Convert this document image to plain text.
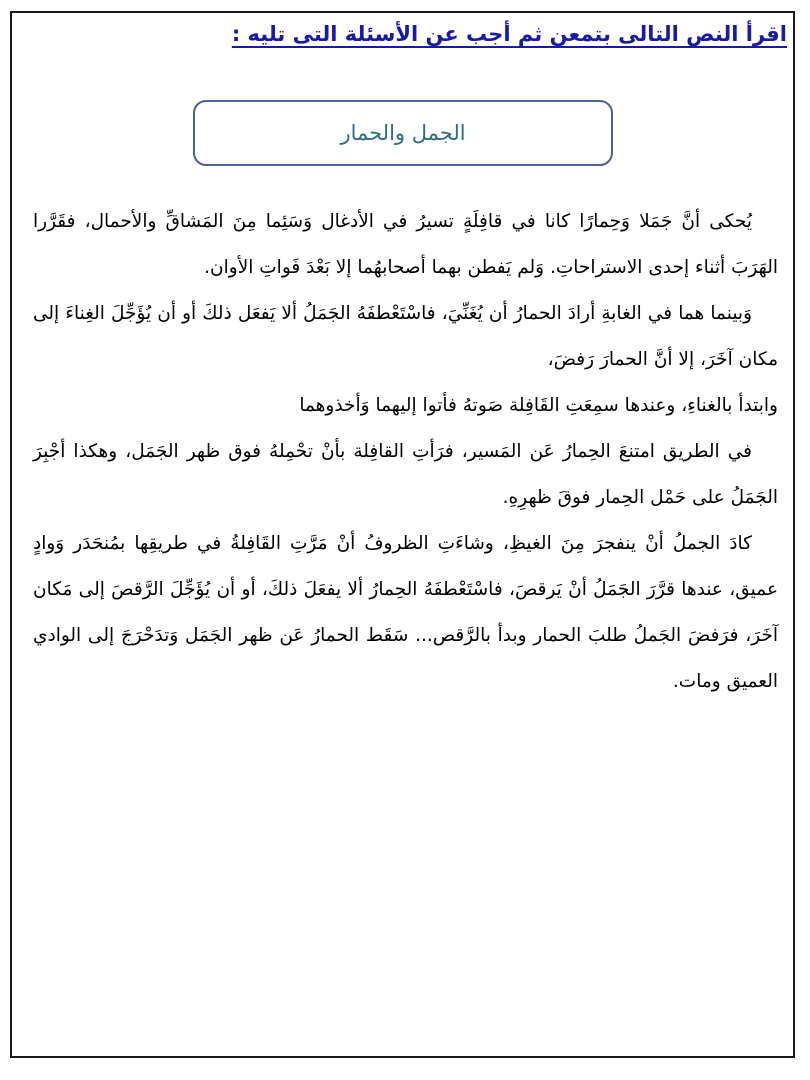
اقرأ النص التالى بتمعن ثم أجب عن الأسئلة التى تليه :
الجمل والحمار

يُحكى أنَّ جَمَلا وَحِمارًا كانا في قافِلَةٍ تسيرُ في الأدغال وَسَئِما مِنَ المَشاقِّ والأحمال، فقَرَّرا الهَرَبَ أثناء إحدى الاستراحاتِ. وَلم يَفطن بهما أصحابهُما إلا بَعْدَ فَواتِ الأوان.

وَبينما هما في الغابةِ أرادَ الحمارُ أن يُغَنِّيَ، فاسْتَعْطفَهُ الجَمَلُ ألا يَفعَل ذلكَ أو أن يُؤَجِّلَ الغِناءَ إلى مكان آخَرَ، إلا أنَّ الحمارَ رَفضَ،

وابتدأ بالغناءِ، وعندها سمِعَتِ القَافِلة صَوتهُ فأتوا إليهما وَأخذوهما

في الطريق امتنعَ الحِمارُ عَن المَسير، فرَأتِ القافِلة بأنْ تحْمِلهُ فوق ظهر الجَمَل، وهكذا أجْبِرَ الجَمَلُ على حَمْل الحِمار فوقَ ظهرِهِ.

كادَ الجملُ أنْ ينفجرَ مِنَ الغيظِ، وشاءَتِ الظروفُ أنْ مَرَّتِ القَافِلةُ في طريقِها بمُنحَدَر وَوادٍ عميق، عندها قرَّرَ الجَمَلُ أنْ يَرقصَ، فاسْتَعْطفَهُ الحِمارُ ألا يفعَلَ ذلكَ، أو أن يُؤَجِّلَ الرَّقصَ إلى مَكان آخَرَ، فرَفضَ الجَملُ طلبَ الحمار وبدأ بالرَّقص... سَقَط الحمارُ عَن ظهر الجَمَل وَتدَحْرَجَ إلى الوادي العميق ومات.
